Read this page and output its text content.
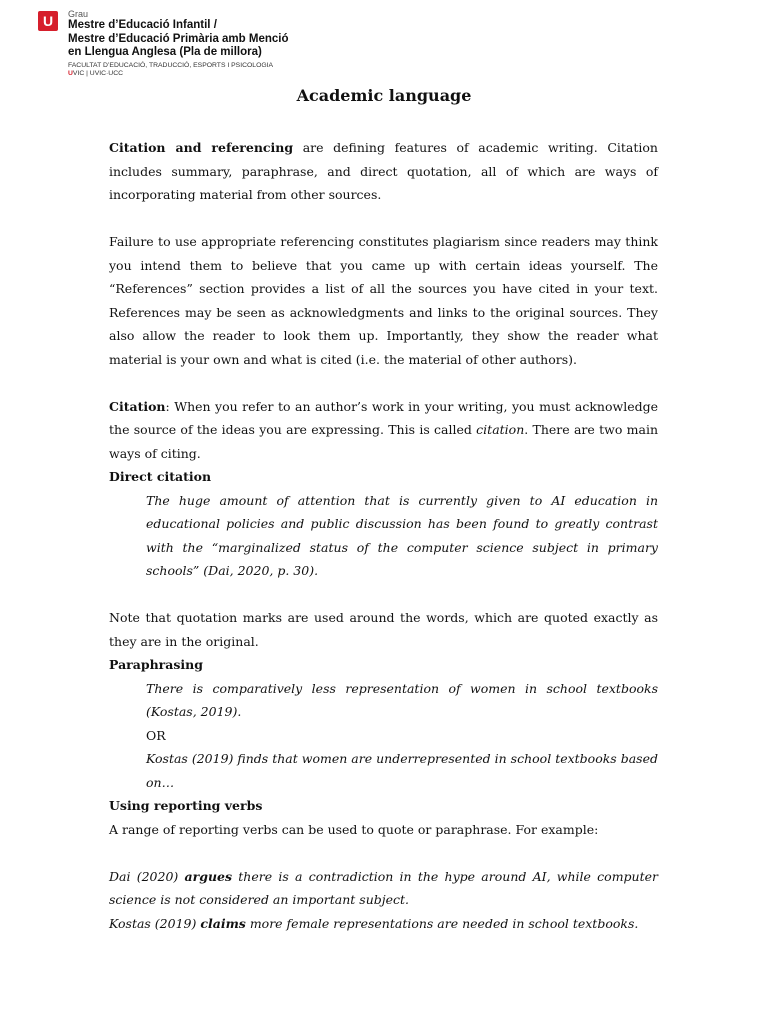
U	Grau
Mestre d’Educació Infantil /
Mestre d’Educació Primària amb Menció
en Llengua Anglesa (Pla de millora)
FACULTAT D’EDUCACIÓ, TRADUCCIÓ, ESPORTS I PSICOLOGIA
UVIC | UVIC·UCC
Academic language

Citation and referencing are defining features of academic writing. Citation includes summary, paraphrase, and direct quotation, all of which are ways of incorporating material from other sources.

Failure to use appropriate referencing constitutes plagiarism since readers may think you intend them to believe that you came up with certain ideas yourself. The “References” section provides a list of all the sources you have cited in your text. References may be seen as acknowledgments and links to the original sources. They also allow the reader to look them up. Importantly, they show the reader what material is your own and what is cited (i.e. the material of other authors).

Citation: When you refer to an author’s work in your writing, you must acknowledge the source of the ideas you are expressing. This is called citation. There are two main ways of citing.

Direct citation

The huge amount of attention that is currently given to AI education in educational policies and public discussion has been found to greatly contrast with the “marginalized status of the computer science subject in primary schools” (Dai, 2020, p. 30).

Note that quotation marks are used around the words, which are quoted exactly as they are in the original.

Paraphrasing

There is comparatively less representation of women in school textbooks (Kostas, 2019).

OR

Kostas (2019) finds that women are underrepresented in school textbooks based on…

Using reporting verbs

A range of reporting verbs can be used to quote or paraphrase. For example:

Dai (2020) argues there is a contradiction in the hype around AI, while computer science is not considered an important subject.

Kostas (2019) claims more female representations are needed in school textbooks.
